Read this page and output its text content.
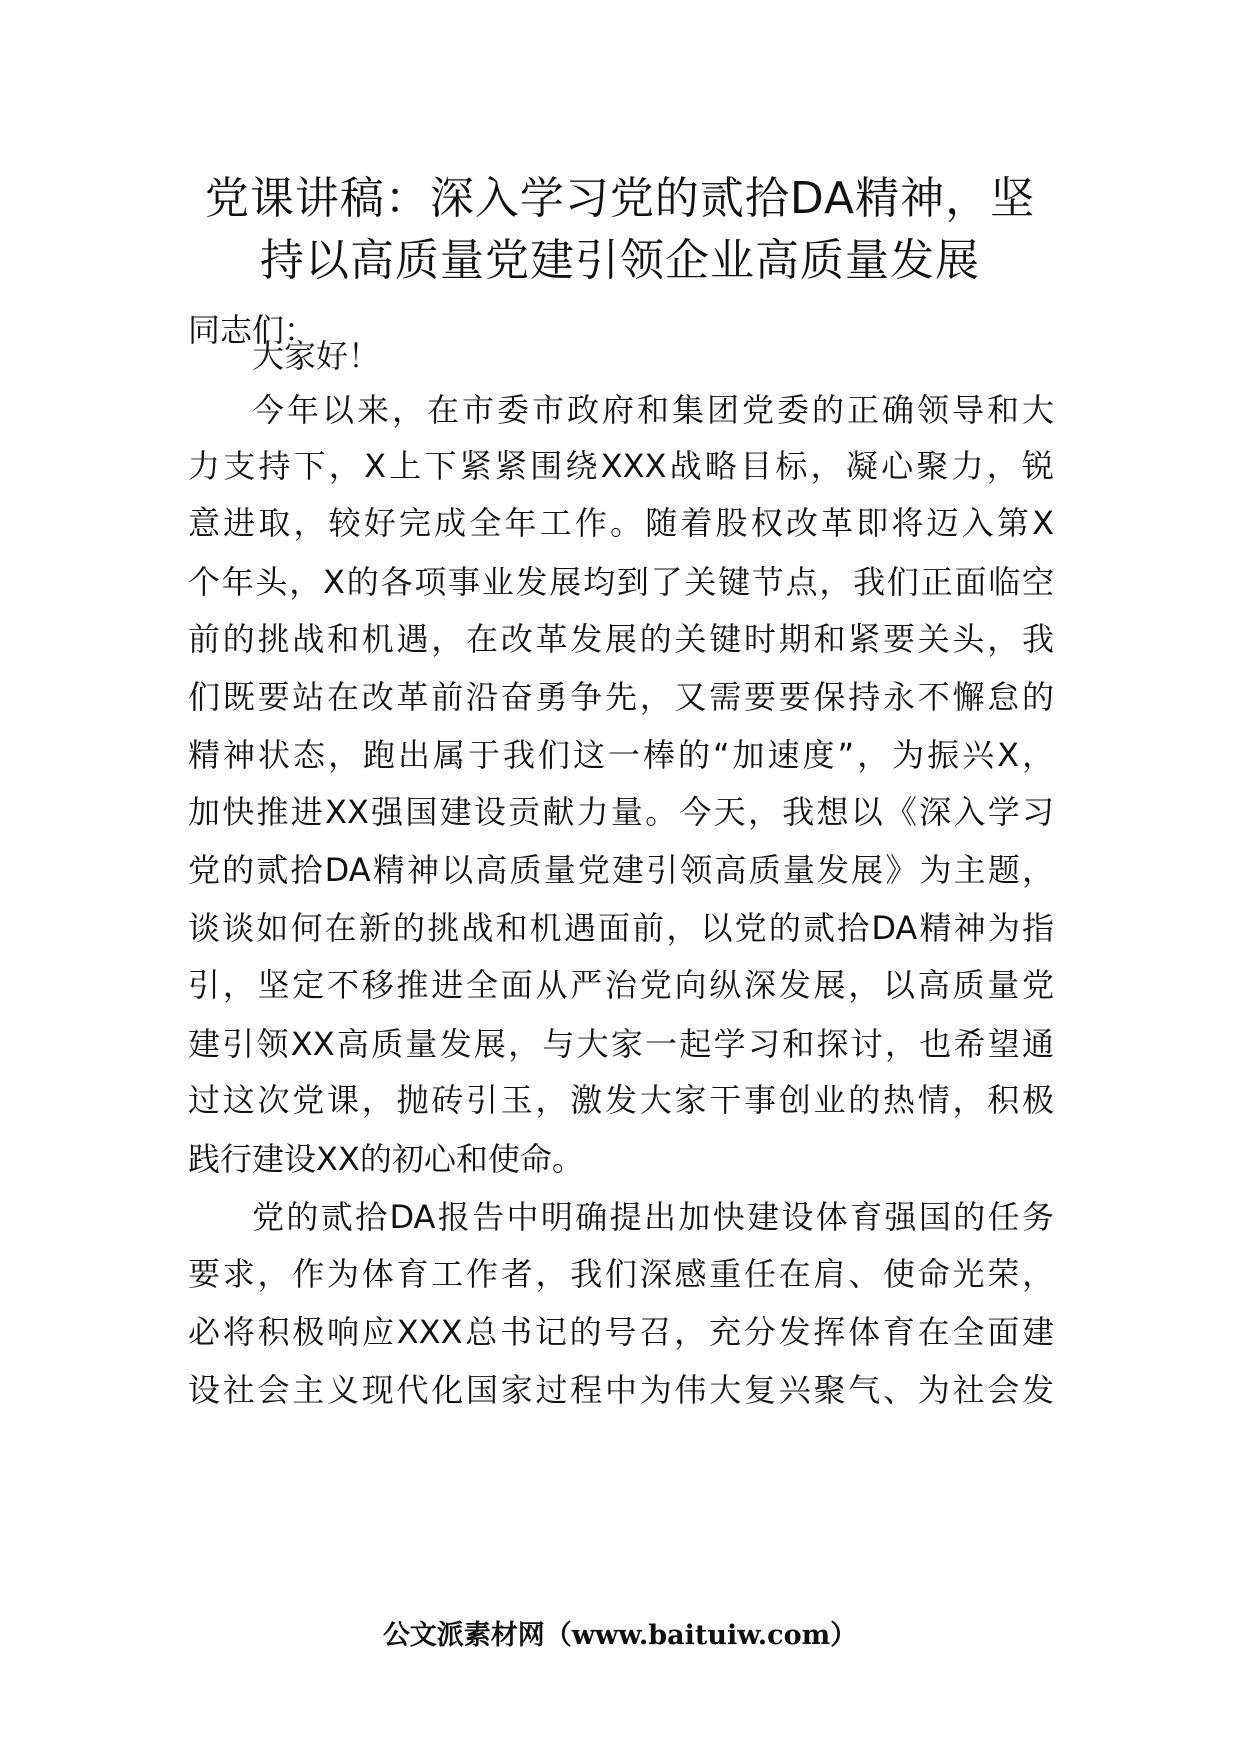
党课讲稿：深入学习党的贰拾DA精神，坚
持以高质量党建引领企业高质量发展
同志们：
大家好！
今年以来，在市委市政府和集团党委的正确领导和大
力支持下，X上下紧紧围绕XXX战略目标，凝心聚力，锐
意进取，较好完成全年工作。随着股权改革即将迈入第X
个年头，X的各项事业发展均到了关键节点，我们正面临空
前的挑战和机遇，在改革发展的关键时期和紧要关头，我
们既要站在改革前沿奋勇争先，又需要要保持永不懈怠的
精神状态，跑出属于我们这一棒的“加速度”，为振兴X，
加快推进XX强国建设贡献力量。今天，我想以《深入学习
党的贰拾DA精神以高质量党建引领高质量发展》为主题，
谈谈如何在新的挑战和机遇面前，以党的贰拾DA精神为指
引，坚定不移推进全面从严治党向纵深发展，以高质量党
建引领XX高质量发展，与大家一起学习和探讨，也希望通
过这次党课，抛砖引玉，激发大家干事创业的热情，积极
践行建设XX的初心和使命。
党的贰拾DA报告中明确提出加快建设体育强国的任务
要求，作为体育工作者，我们深感重任在肩、使命光荣，
必将积极响应XXX总书记的号召，充分发挥体育在全面建
设社会主义现代化国家过程中为伟大复兴聚气、为社会发
公文派素材网（www.baituiw.com）
